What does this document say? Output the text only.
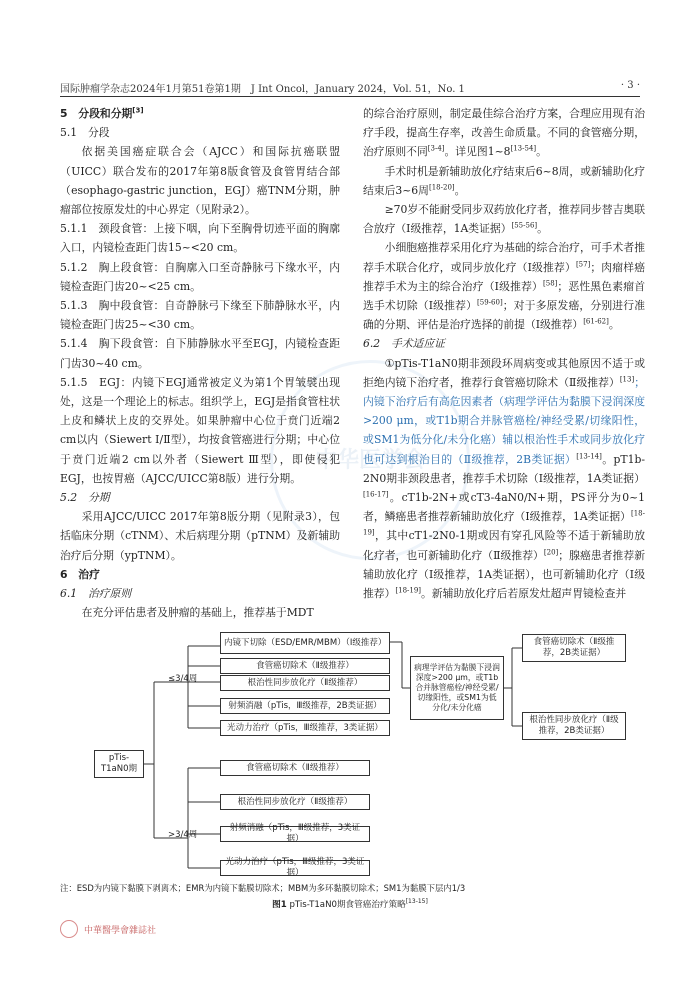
国际肿瘤学杂志2024年1月第51卷第1期　J Int Oncol，January 2024，Vol. 51，No. 1	· 3 ·
中华医学会

5　分段和分期[3]

5.1　分段

依据美国癌症联合会（AJCC）和国际抗癌联盟（UICC）联合发布的2017年第8版食管及食管胃结合部（esophago-gastric junction，EGJ）癌TNM分期，肿瘤部位按原发灶的中心界定（见附录2）。

5.1.1　颈段食管：上接下咽，向下至胸骨切迹平面的胸廓入口，内镜检查距门齿15~<20 cm。

5.1.2　胸上段食管：自胸廓入口至奇静脉弓下缘水平，内镜检查距门齿20~<25 cm。

5.1.3　胸中段食管：自奇静脉弓下缘至下肺静脉水平，内镜检查距门齿25~<30 cm。

5.1.4　胸下段食管：自下肺静脉水平至EGJ，内镜检查距门齿30~40 cm。

5.1.5　EGJ：内镜下EGJ通常被定义为第1个胃皱襞出现处，这是一个理论上的标志。组织学上，EGJ是指食管柱状上皮和鳞状上皮的交界处。如果肿瘤中心位于贲门近端2 cm以内（Siewert Ⅰ/Ⅱ型），均按食管癌进行分期；中心位于贲门近端2 cm以外者（Siewert Ⅲ型），即使侵犯EGJ，也按胃癌（AJCC/UICC第8版）进行分期。

5.2　分期

采用AJCC/UICC 2017年第8版分期（见附录3），包括临床分期（cTNM）、术后病理分期（pTNM）及新辅助治疗后分期（ypTNM）。

6　治疗

6.1　治疗原则

在充分评估患者及肿瘤的基础上，推荐基于MDT

的综合治疗原则，制定最佳综合治疗方案，合理应用现有治疗手段，提高生存率，改善生命质量。不同的食管癌分期，治疗原则不同[3-4]。详见图1~8[13-54]。

手术时机是新辅助放化疗结束后6~8周，或新辅助化疗结束后3~6周[18-20]。

≥70岁不能耐受同步双药放化疗者，推荐同步替吉奥联合放疗（Ⅰ级推荐，1A类证据）[55-56]。

小细胞癌推荐采用化疗为基础的综合治疗，可手术者推荐手术联合化疗，或同步放化疗（Ⅰ级推荐）[57]；肉瘤样癌推荐手术为主的综合治疗（Ⅰ级推荐）[58]；恶性黑色素瘤首选手术切除（Ⅰ级推荐）[59-60]；对于多原发癌，分别进行准确的分期、评估是治疗选择的前提（Ⅰ级推荐）[61-62]。

6.2　手术适应证

①pTis-T1aN0期非颈段环周病变或其他原因不适于或拒绝内镜下治疗者，推荐行食管癌切除术（Ⅱ级推荐）[13]；内镜下治疗后有高危因素者（病理学评估为黏膜下浸润深度>200 μm，或T1b期合并脉管癌栓/神经受累/切缘阳性，或SM1为低分化/未分化癌）辅以根治性手术或同步放化疗也可达到根治目的（Ⅱ级推荐，2B类证据）[13-14]。pT1b-2N0期非颈段患者，推荐手术切除（Ⅰ级推荐，1A类证据）[16-17]。cT1b-2N+或cT3-4aN0/N+期，PS评分为0~1者，鳞癌患者推荐新辅助放化疗（Ⅰ级推荐，1A类证据）[18-19]，其中cT1-2N0-1期或因有穿孔风险等不适于新辅助放化疗者，也可新辅助化疗（Ⅱ级推荐）[20]；腺癌患者推荐新辅助放化疗（Ⅰ级推荐，1A类证据），也可新辅助化疗（Ⅰ级推荐）[18-19]。新辅助放化疗后若原发灶超声胃镜检查并

pTis-T1aN0期
≤3/4周
>3/4周
内镜下切除（ESD/EMR/MBM）（Ⅰ级推荐）
食管癌切除术（Ⅱ级推荐）
根治性同步放化疗（Ⅱ级推荐）
射频消融（pTis，Ⅲ级推荐，2B类证据）
光动力治疗（pTis，Ⅲ级推荐，3类证据）
食管癌切除术（Ⅱ级推荐）
根治性同步放化疗（Ⅱ级推荐）
射频消融（pTis，Ⅲ级推荐，3类证据）
光动力治疗（pTis，Ⅲ级推荐，3类证据）
病理学评估为黏膜下浸润深度>200 μm，或T1b合并脉管癌栓/神经受累/切缘阳性，或SM1为低分化/未分化癌
食管癌切除术（Ⅱ级推荐，2B类证据）
根治性同步放化疗（Ⅱ级推荐，2B类证据）
注：ESD为内镜下黏膜下剥离术；EMR为内镜下黏膜切除术；MBM为多环黏膜切除术；SM1为黏膜下层内1/3
图1 pTis-T1aN0期食管癌治疗策略[13-15]
中華醫學會雜誌社
